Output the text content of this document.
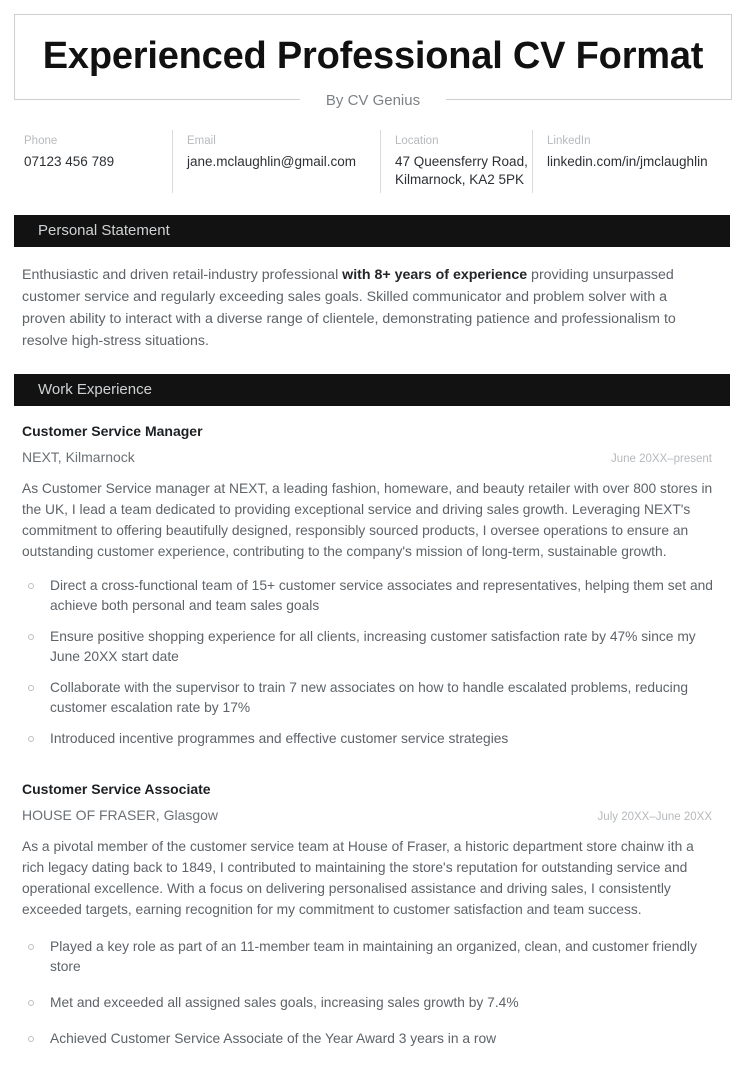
Experienced Professional CV Format
By CV Genius
Phone
07123 456 789
Email
jane.mclaughlin@gmail.com
Location
47 Queensferry Road, Kilmarnock, KA2 5PK
LinkedIn
linkedin.com/in/jmclaughlin
Personal Statement

Enthusiastic and driven retail-industry professional with 8+ years of experience providing unsurpassed customer service and regularly exceeding sales goals. Skilled communicator and problem solver with a proven ability to interact with a diverse range of clientele, demonstrating patience and professionalism to resolve high-stress situations.

Work Experience
Customer Service Manager
NEXT, Kilmarnock	June 20XX–present

As Customer Service manager at NEXT, a leading fashion, homeware, and beauty retailer with over 800 stores in the UK, I lead a team dedicated to providing exceptional service and driving sales growth. Leveraging NEXT's commitment to offering beautifully designed, responsibly sourced products, I oversee operations to ensure an outstanding customer experience, contributing to the company's mission of long-term, sustainable growth.

Direct a cross-functional team of 15+ customer service associates and representatives, helping them set and achieve both personal and team sales goals
Ensure positive shopping experience for all clients, increasing customer satisfaction rate by 47% since my June 20XX start date
Collaborate with the supervisor to train 7 new associates on how to handle escalated problems, reducing customer escalation rate by 17%
Introduced incentive programmes and effective customer service strategies
Customer Service Associate
HOUSE OF FRASER, Glasgow	July 20XX–June 20XX

As a pivotal member of the customer service team at House of Fraser, a historic department store chainw ith a rich legacy dating back to 1849, I contributed to maintaining the store's reputation for outstanding service and operational excellence. With a focus on delivering personalised assistance and driving sales, I consistently exceeded targets, earning recognition for my commitment to customer satisfaction and team success.

Played a key role as part of an 11-member team in maintaining an organized, clean, and customer friendly store
Met and exceeded all assigned sales goals, increasing sales growth by 7.4%
Achieved Customer Service Associate of the Year Award 3 years in a row
